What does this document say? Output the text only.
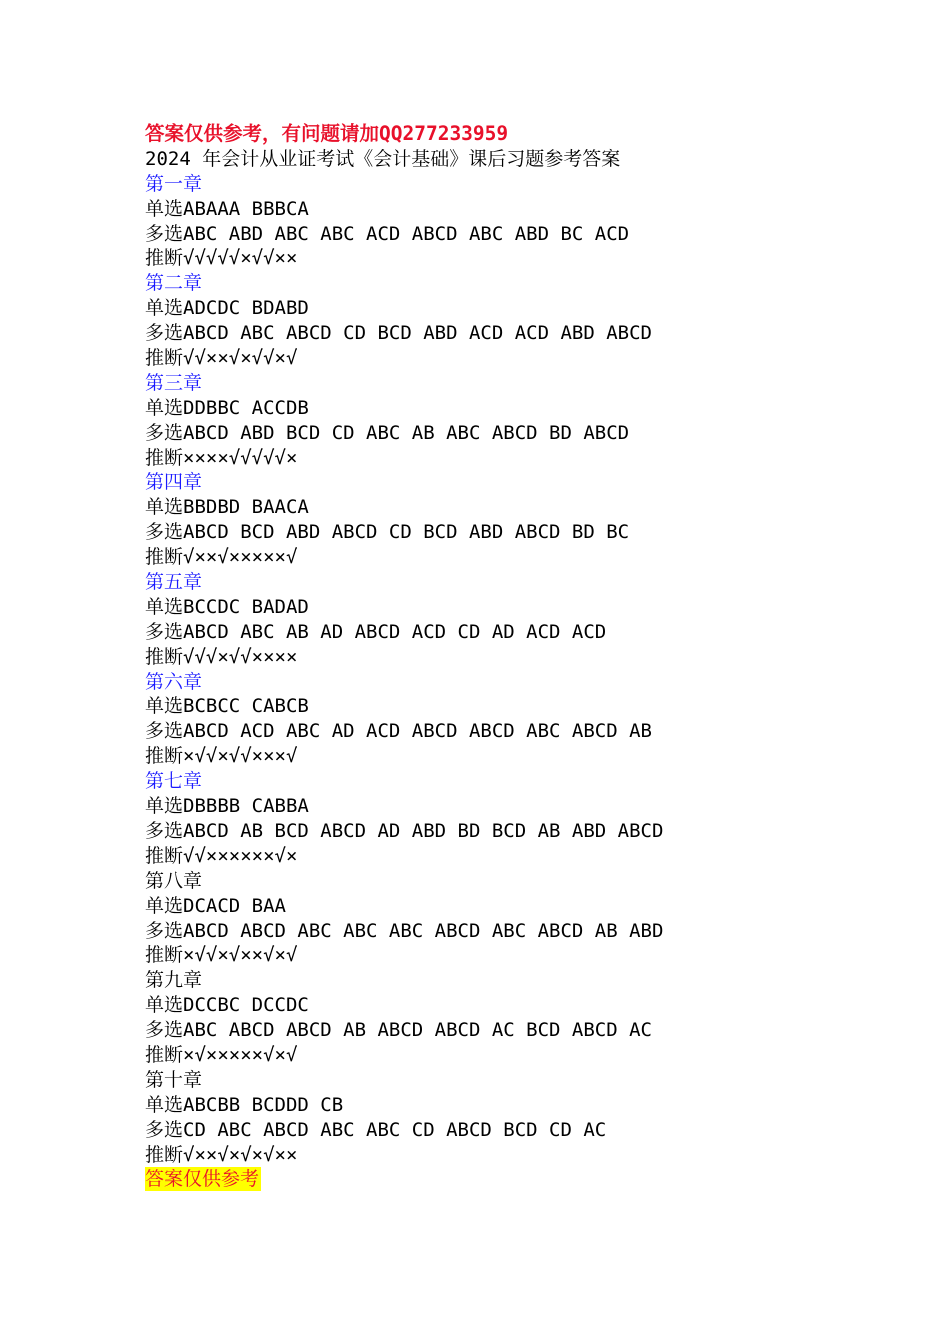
答案仅供参考，有问题请加QQ277233959
2024 年会计从业证考试《会计基础》课后习题参考答案
第一章
单选ABAAA BBBCA
多选ABC ABD ABC ABC ACD ABCD ABC ABD BC ACD
推断√√√√√×√√××
第二章
单选ADCDC BDABD
多选ABCD ABC ABCD CD BCD ABD ACD ACD ABD ABCD
推断√√××√×√√×√
第三章
单选DDBBC ACCDB
多选ABCD ABD BCD CD ABC AB ABC ABCD BD ABCD
推断××××√√√√√×
第四章
单选BBDBD BAACA
多选ABCD BCD ABD ABCD CD BCD ABD ABCD BD BC
推断√××√×××××√
第五章
单选BCCDC BADAD
多选ABCD ABC AB AD ABCD ACD CD AD ACD ACD
推断√√√×√√××××
第六章
单选BCBCC CABCB
多选ABCD ACD ABC AD ACD ABCD ABCD ABC ABCD AB
推断×√√×√√×××√
第七章
单选DBBBB CABBA
多选ABCD AB BCD ABCD AD ABD BD BCD AB ABD ABCD
推断√√××××××√×
第八章
单选DCACD BAA
多选ABCD ABCD ABC ABC ABC ABCD ABC ABCD AB ABD
推断×√√×√××√×√
第九章
单选DCCBC DCCDC
多选ABC ABCD ABCD AB ABCD ABCD AC BCD ABCD AC
推断×√×××××√×√
第十章
单选ABCBB BCDDD CB
多选CD ABC ABCD ABC ABC CD ABCD BCD CD AC
推断√××√×√×√××
答案仅供参考
